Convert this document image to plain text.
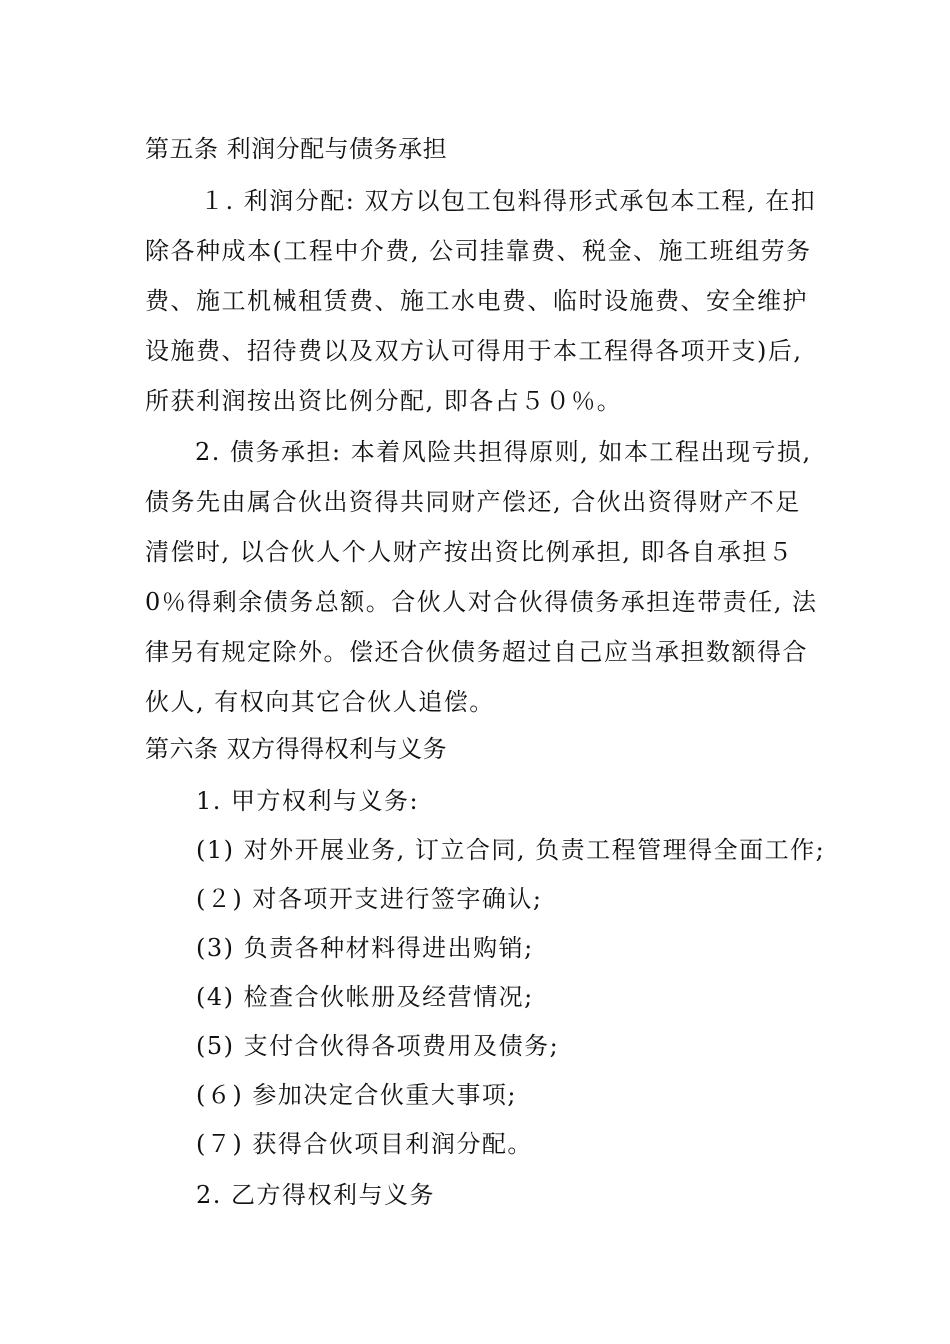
第五条 利润分配与债务承担
１. 利润分配: 双方以包工包料得形式承包本工程, 在扣
除各种成本(工程中介费, 公司挂靠费、税金、施工班组劳务
费、施工机械租赁费、施工水电费、临时设施费、安全维护
设施费、招待费以及双方认可得用于本工程得各项开支)后,
所获利润按出资比例分配, 即各占５０％。
2. 债务承担: 本着风险共担得原则, 如本工程出现亏损,
债务先由属合伙出资得共同财产偿还, 合伙出资得财产不足
清偿时, 以合伙人个人财产按出资比例承担, 即各自承担５
0％得剩余债务总额。合伙人对合伙得债务承担连带责任, 法
律另有规定除外。偿还合伙债务超过自己应当承担数额得合
伙人, 有权向其它合伙人追偿。
第六条 双方得得权利与义务
1. 甲方权利与义务:
(1) 对外开展业务, 订立合同, 负责工程管理得全面工作;
(２) 对各项开支进行签字确认;
(3) 负责各种材料得进出购销;
(4) 检查合伙帐册及经营情况;
(5) 支付合伙得各项费用及债务;
(６) 参加决定合伙重大事项;
(７) 获得合伙项目利润分配。
2. 乙方得权利与义务
